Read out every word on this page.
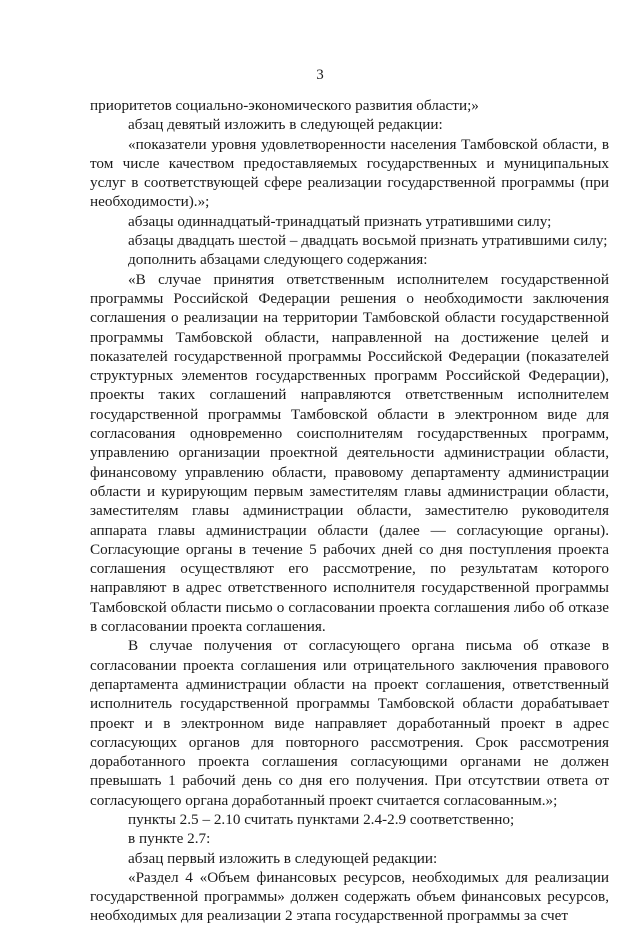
3

приоритетов социально-экономического развития области;»

абзац девятый изложить в следующей редакции:

«показатели уровня удовлетворенности населения Тамбовской области, в том числе качеством предоставляемых государственных и муниципальных услуг в соответствующей сфере реализации государственной программы (при необходимости).»;

абзацы одиннадцатый-тринадцатый признать утратившими силу;

абзацы двадцать шестой – двадцать восьмой признать утратившими силу;

дополнить абзацами следующего содержания:

«В случае принятия ответственным исполнителем государственной программы Российской Федерации решения о необходимости заключения соглашения о реализации на территории Тамбовской области государственной программы Тамбовской области, направленной на достижение целей и показателей государственной программы Российской Федерации (показателей структурных элементов государственных программ Российской Федерации), проекты таких соглашений направляются ответственным исполнителем государственной программы Тамбовской области в электронном виде для согласования одновременно соисполнителям государственных программ, управлению организации проектной деятельности администрации области, финансовому управлению области, правовому департаменту администрации области и курирующим первым заместителям главы администрации области, заместителям главы администрации области, заместителю руководителя аппарата главы администрации области (далее — согласующие органы). Согласующие органы в течение 5 рабочих дней со дня поступления проекта соглашения осуществляют его рассмотрение, по результатам которого направляют в адрес ответственного исполнителя государственной программы Тамбовской области письмо о согласовании проекта соглашения либо об отказе в согласовании проекта соглашения.

В случае получения от согласующего органа письма об отказе в согласовании проекта соглашения или отрицательного заключения правового департамента администрации области на проект соглашения, ответственный исполнитель государственной программы Тамбовской области дорабатывает проект и в электронном виде направляет доработанный проект в адрес согласующих органов для повторного рассмотрения. Срок рассмотрения доработанного проекта соглашения согласующими органами не должен превышать 1 рабочий день со дня его получения. При отсутствии ответа от согласующего органа доработанный проект считается согласованным.»;

пункты 2.5 – 2.10 считать пунктами 2.4-2.9 соответственно;

в пункте 2.7:

абзац первый изложить в следующей редакции:

«Раздел 4 «Объем финансовых ресурсов, необходимых для реализации государственной программы» должен содержать объем финансовых ресурсов, необходимых для реализации 2 этапа государственной программы за счет
